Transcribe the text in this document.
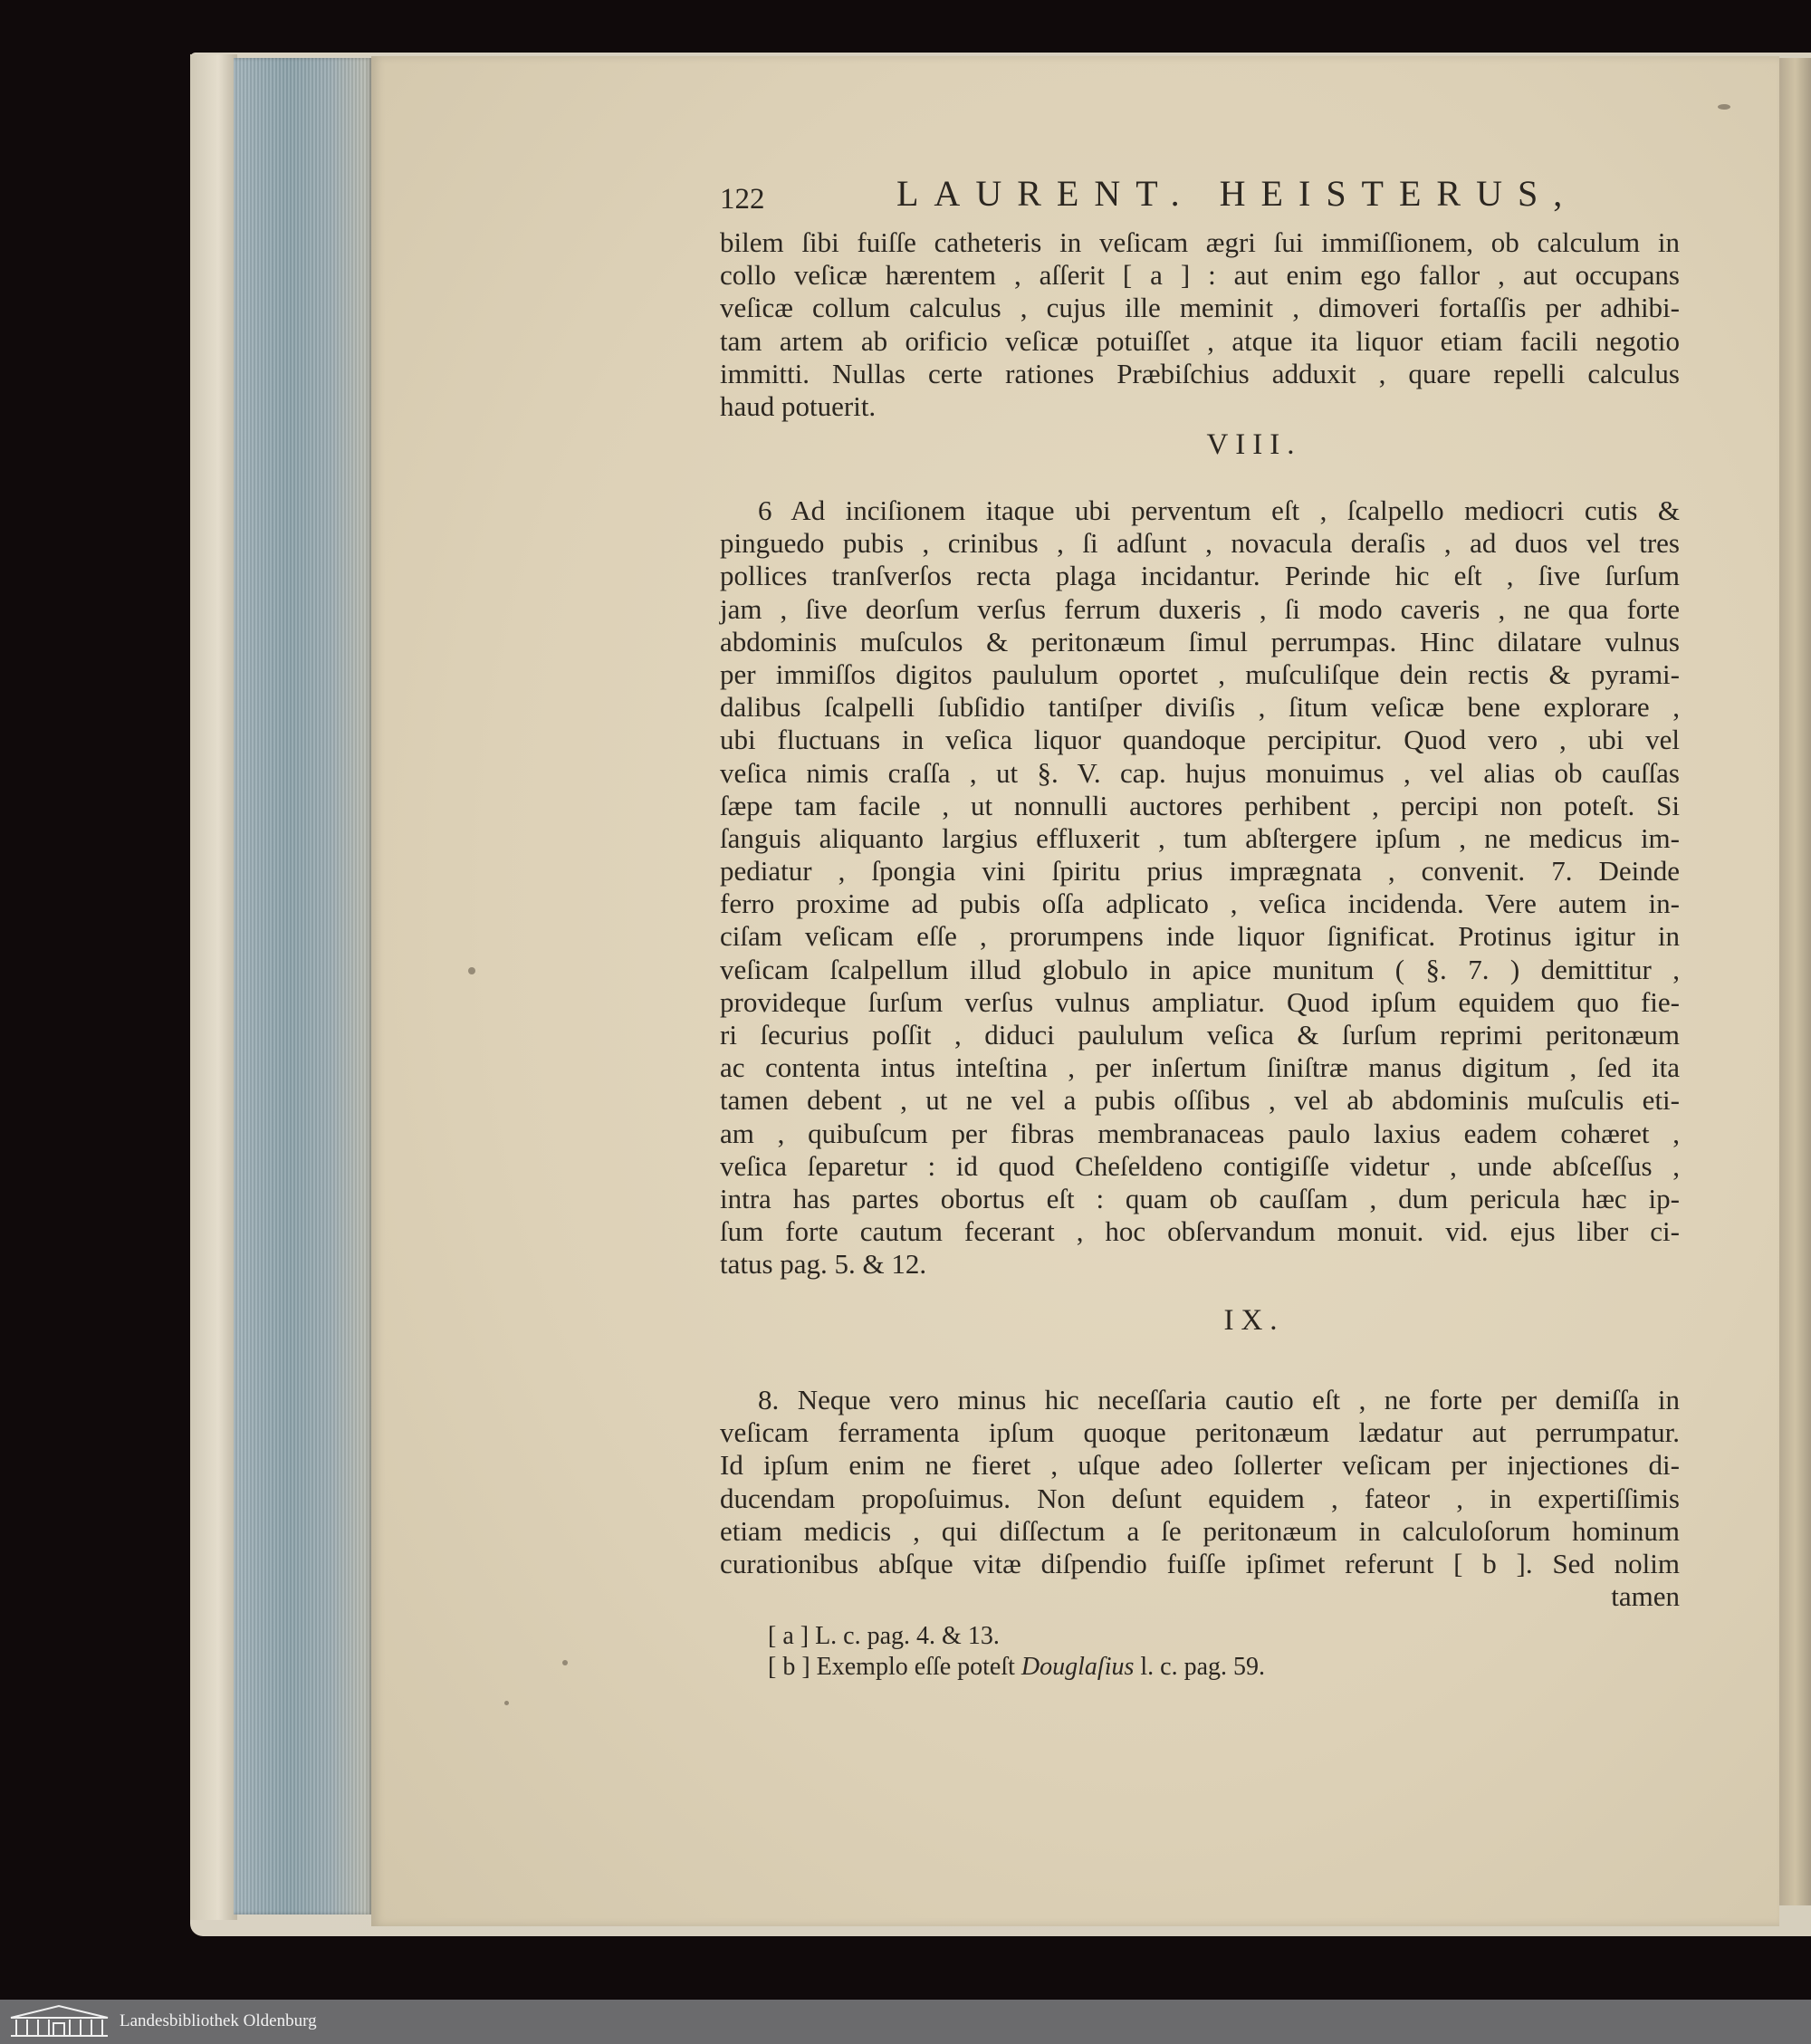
122	LAURENT. HEISTERUS,
bilem ſibi fuiſſe catheteris in veſicam ægri ſui immiſſionem, ob calculum in
collo veſicæ hærentem , aſſerit [ a ] : aut enim ego fallor , aut occupans
veſicæ collum calculus , cujus ille meminit , dimoveri fortaſſis per adhibi-
tam artem ab orificio veſicæ potuiſſet , atque ita liquor etiam facili negotio
immitti. Nullas certe rationes Præbiſchius adduxit , quare repelli calculus
haud potuerit.
VIII.
6 Ad inciſionem itaque ubi perventum eſt , ſcalpello mediocri cutis &
pinguedo pubis , crinibus , ſi adſunt , novacula deraſis , ad duos vel tres
pollices tranſverſos recta plaga incidantur. Perinde hic eſt , ſive ſurſum
jam , ſive deorſum verſus ferrum duxeris , ſi modo caveris , ne qua forte
abdominis muſculos & peritonæum ſimul perrumpas. Hinc dilatare vulnus
per immiſſos digitos paululum oportet , muſculiſque dein rectis & pyrami-
dalibus ſcalpelli ſubſidio tantiſper diviſis , ſitum veſicæ bene explorare ,
ubi fluctuans in veſica liquor quandoque percipitur. Quod vero , ubi vel
veſica nimis craſſa , ut §. V. cap. hujus monuimus , vel alias ob cauſſas
ſæpe tam facile , ut nonnulli auctores perhibent , percipi non poteſt. Si
ſanguis aliquanto largius effluxerit , tum abſtergere ipſum , ne medicus im-
pediatur , ſpongia vini ſpiritu prius imprægnata , convenit. 7. Deinde
ferro proxime ad pubis oſſa adplicato , veſica incidenda. Vere autem in-
ciſam veſicam eſſe , prorumpens inde liquor ſignificat. Protinus igitur in
veſicam ſcalpellum illud globulo in apice munitum ( §. 7. ) demittitur ,
provideque ſurſum verſus vulnus ampliatur. Quod ipſum equidem quo fie-
ri ſecurius poſſit , diduci paululum veſica & ſurſum reprimi peritonæum
ac contenta intus inteſtina , per inſertum ſiniſtræ manus digitum , ſed ita
tamen debent , ut ne vel a pubis oſſibus , vel ab abdominis muſculis eti-
am , quibuſcum per fibras membranaceas paulo laxius eadem cohæret ,
veſica ſeparetur : id quod Cheſeldeno contigiſſe videtur , unde abſceſſus ,
intra has partes obortus eſt : quam ob cauſſam , dum pericula hæc ip-
ſum forte cautum fecerant , hoc obſervandum monuit. vid. ejus liber ci-
tatus pag. 5. & 12.
IX.
8. Neque vero minus hic neceſſaria cautio eſt , ne forte per demiſſa in
veſicam ferramenta ipſum quoque peritonæum lædatur aut perrumpatur.
Id ipſum enim ne fieret , uſque adeo ſollerter veſicam per injectiones di-
ducendam propoſuimus. Non deſunt equidem , fateor , in expertiſſimis
etiam medicis , qui diſſectum a ſe peritonæum in calculoſorum hominum
curationibus abſque vitæ diſpendio fuiſſe ipſimet referunt [ b ]. Sed nolim
tamen
[ a ] L. c. pag. 4. & 13.
[ b ] Exemplo eſſe poteſt Douglaſius l. c. pag. 59.
Landesbibliothek Oldenburg
